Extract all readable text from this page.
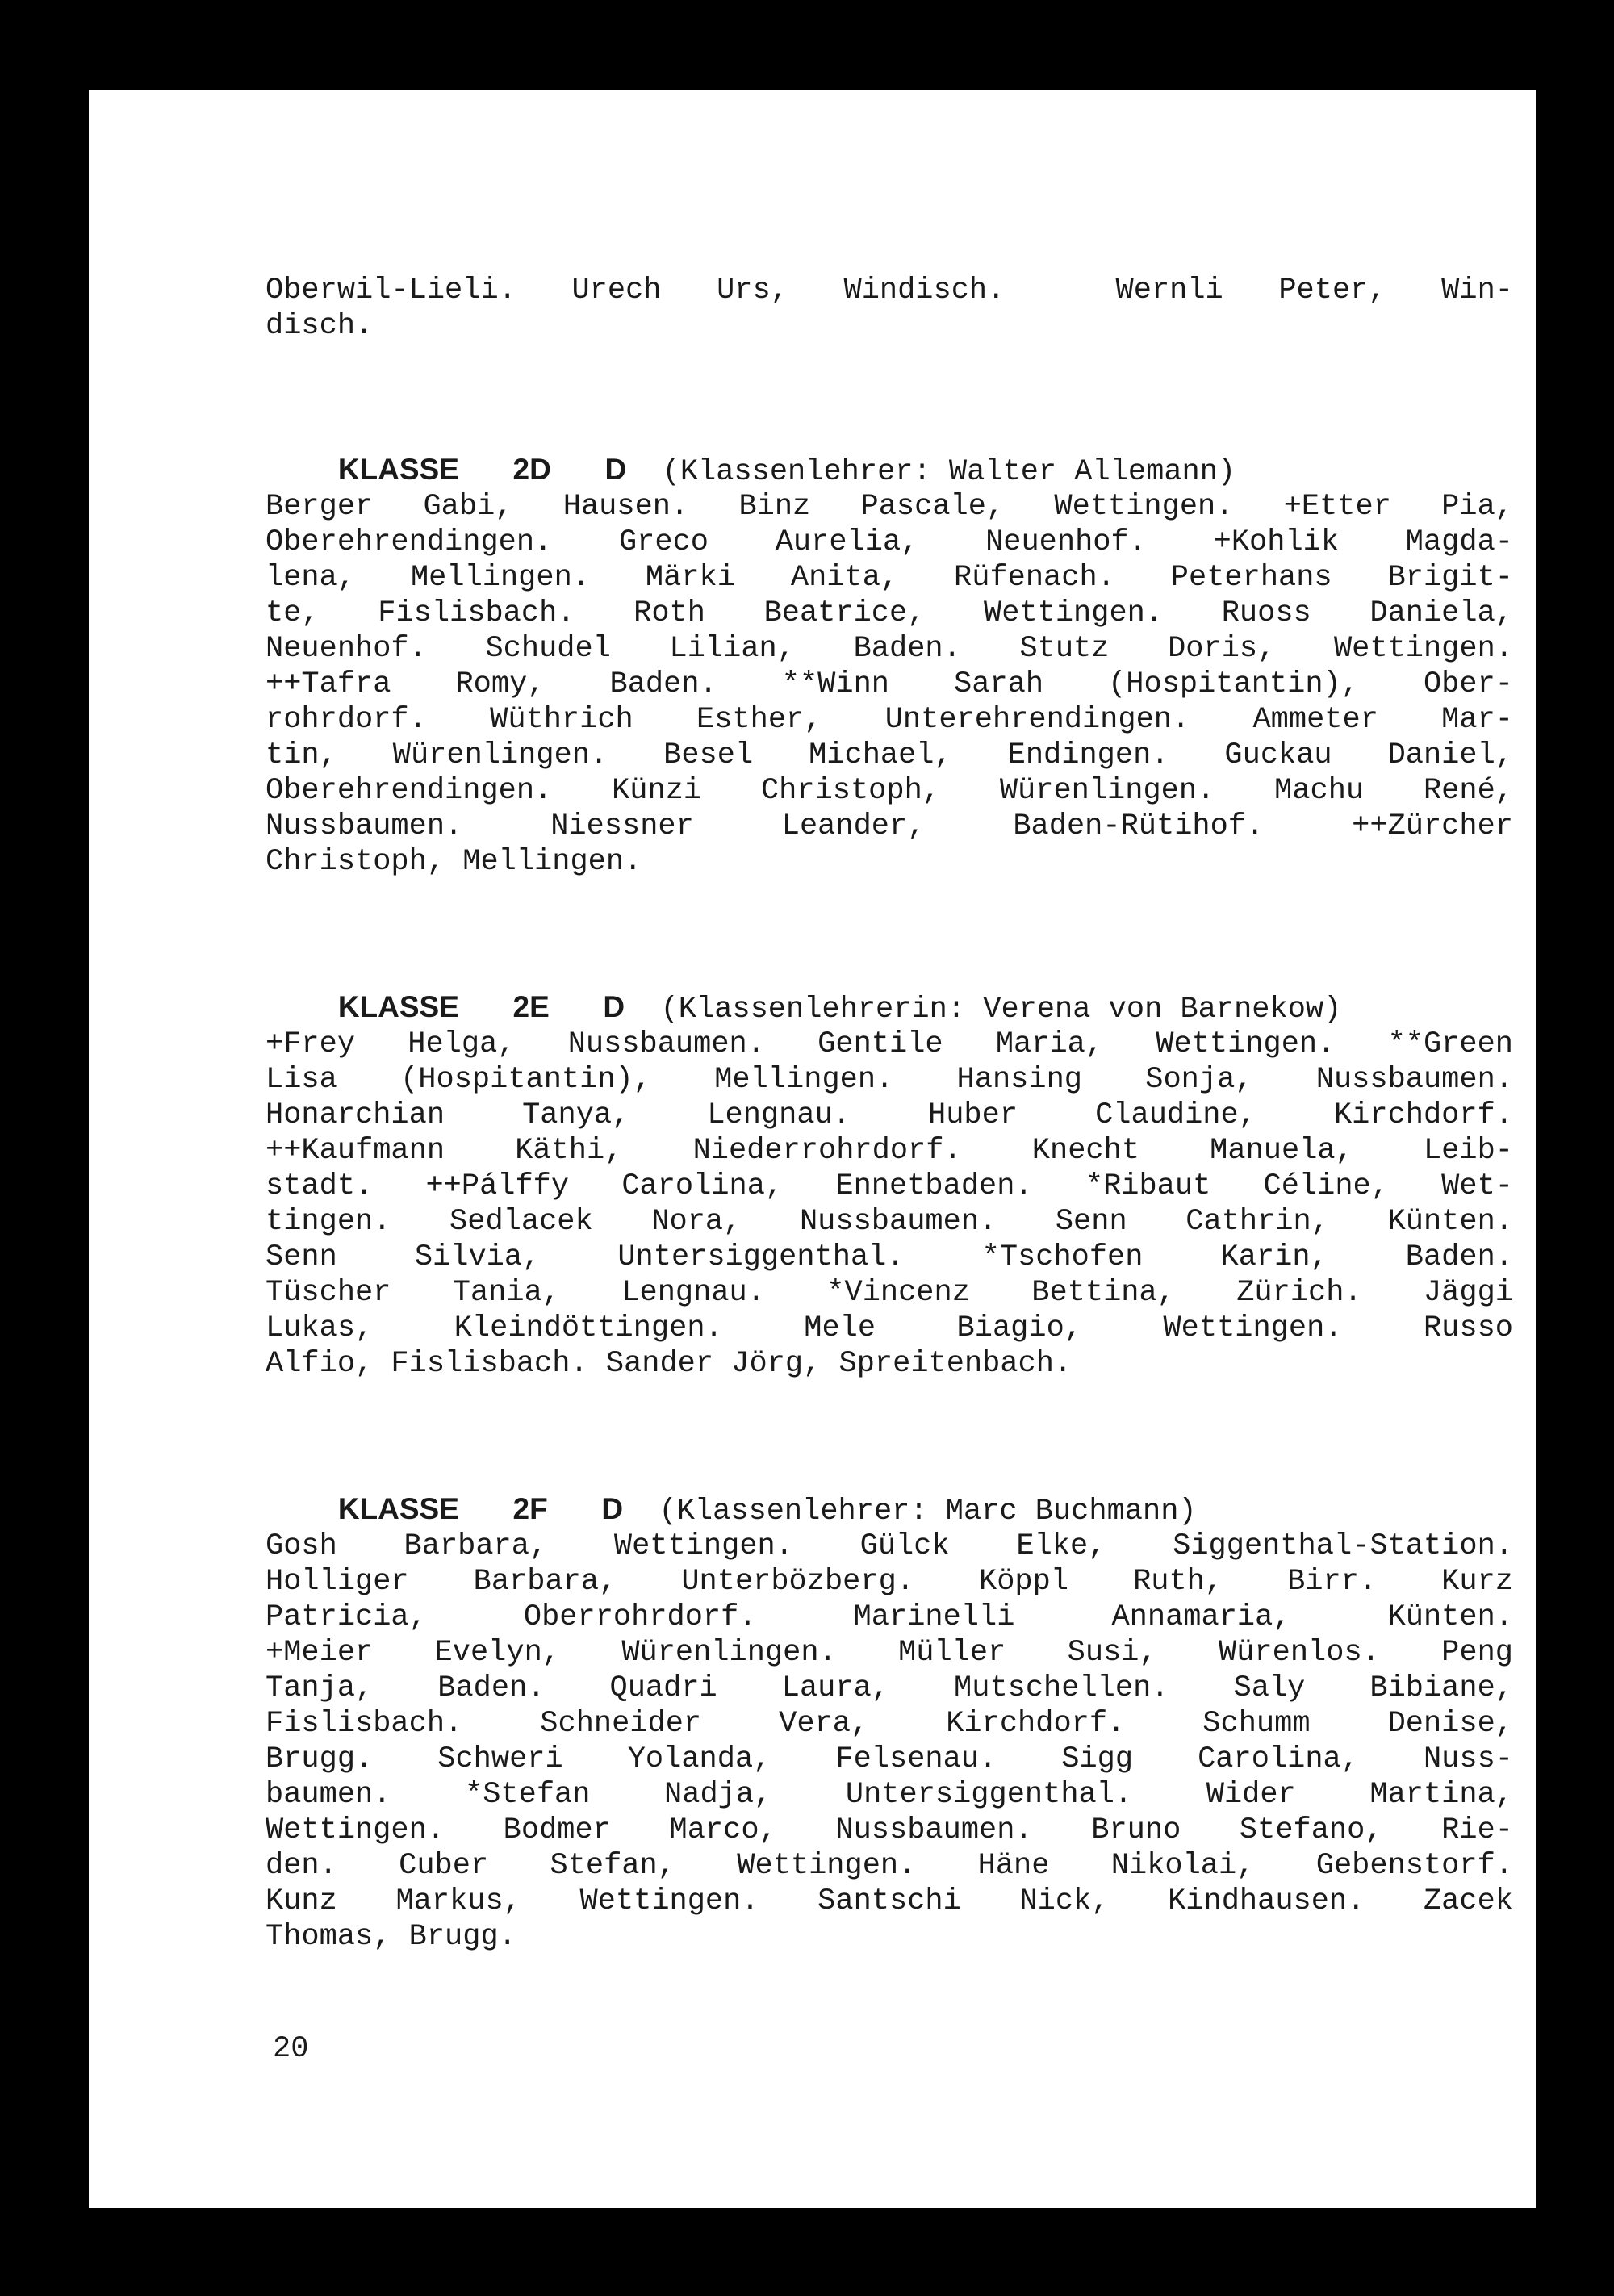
Oberwil-Lieli. Urech Urs, Windisch.  Wernli Peter, Win-
disch.

KLASSE 2D D (Klassenlehrer: Walter Allemann)

Berger Gabi, Hausen. Binz Pascale, Wettingen. +Etter Pia,
Oberehrendingen. Greco Aurelia, Neuenhof. +Kohlik Magda-
lena, Mellingen. Märki Anita, Rüfenach. Peterhans Brigit-
te, Fislisbach. Roth Beatrice, Wettingen. Ruoss Daniela,
Neuenhof. Schudel Lilian, Baden. Stutz Doris, Wettingen.
++Tafra Romy, Baden. **Winn Sarah (Hospitantin), Ober-
rohrdorf. Wüthrich Esther, Unterehrendingen. Ammeter Mar-
tin, Würenlingen. Besel Michael, Endingen. Guckau Daniel,
Oberehrendingen. Künzi Christoph, Würenlingen. Machu René,
Nussbaumen. Niessner Leander, Baden-Rütihof. ++Zürcher
Christoph, Mellingen.

KLASSE 2E D (Klassenlehrerin: Verena von Barnekow)

+Frey Helga, Nussbaumen. Gentile Maria, Wettingen. **Green
Lisa (Hospitantin), Mellingen. Hansing Sonja, Nussbaumen.
Honarchian Tanya, Lengnau. Huber Claudine, Kirchdorf.
++Kaufmann Käthi, Niederrohrdorf. Knecht Manuela, Leib-
stadt. ++Pálffy Carolina, Ennetbaden. *Ribaut Céline, Wet-
tingen. Sedlacek Nora, Nussbaumen. Senn Cathrin, Künten.
Senn Silvia, Untersiggenthal. *Tschofen Karin, Baden.
Tüscher Tania, Lengnau. *Vincenz Bettina, Zürich. Jäggi
Lukas, Kleindöttingen. Mele Biagio, Wettingen. Russo
Alfio, Fislisbach. Sander Jörg, Spreitenbach.

KLASSE 2F D (Klassenlehrer: Marc Buchmann)

Gosh Barbara, Wettingen. Gülck Elke, Siggenthal-Station.
Holliger Barbara, Unterbözberg. Köppl Ruth, Birr. Kurz
Patricia, Oberrohrdorf. Marinelli Annamaria, Künten.
+Meier Evelyn, Würenlingen. Müller Susi, Würenlos. Peng
Tanja, Baden. Quadri Laura, Mutschellen. Saly Bibiane,
Fislisbach. Schneider Vera, Kirchdorf. Schumm Denise,
Brugg. Schweri Yolanda, Felsenau. Sigg Carolina, Nuss-
baumen. *Stefan Nadja, Untersiggenthal. Wider Martina,
Wettingen. Bodmer Marco, Nussbaumen. Bruno Stefano, Rie-
den. Cuber Stefan, Wettingen. Häne Nikolai, Gebenstorf.
Kunz Markus, Wettingen. Santschi Nick, Kindhausen. Zacek
Thomas, Brugg.
20
